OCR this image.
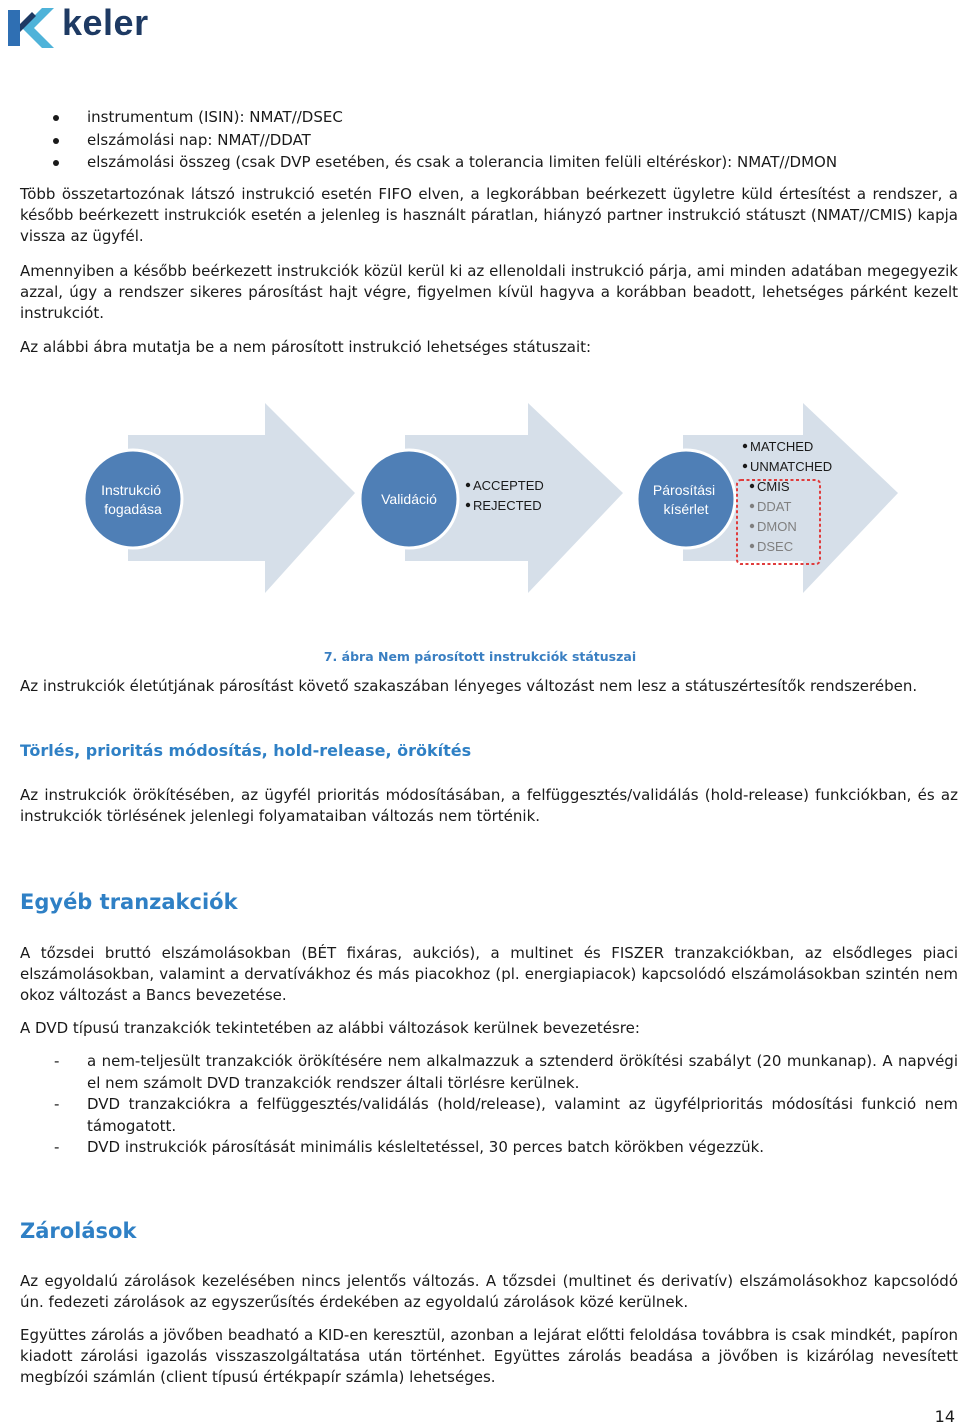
keler
instrumentum (ISIN): NMAT//DSEC
elszámolási nap: NMAT//DDAT
elszámolási összeg (csak DVP esetében, és csak a tolerancia limiten felüli eltéréskor): NMAT//DMON

Több összetartozónak látszó instrukció esetén FIFO elven, a legkorábban beérkezett ügyletre küld értesítést a rendszer, a később beérkezett instrukciók esetén a jelenleg is használt páratlan, hiányzó partner instrukció státuszt (NMAT//CMIS) kapja vissza az ügyfél.

Amennyiben a később beérkezett instrukciók közül kerül ki az ellenoldali instrukció párja, ami minden adatában megegyezik azzal, úgy a rendszer sikeres párosítást hajt végre, figyelmen kívül hagyva a korábban beadott, lehetséges párként kezelt instrukciót.

Az alábbi ábra mutatja be a nem párosított instrukció lehetséges státuszait:

Instrukció fogadása
Validáció
Párosítási kísérlet
ACCEPTED
REJECTED
MATCHED
UNMATCHED
CMIS
DDAT
DMON
DSEC
7. ábra Nem párosított instrukciók státuszai

Az instrukciók életútjának párosítást követő szakaszában lényeges változást nem lesz a státuszértesítők rendszerében.

Törlés, prioritás módosítás, hold-release, örökítés

Az instrukciók örökítésében, az ügyfél prioritás módosításában, a felfüggesztés/validálás (hold-release) funkciókban, és az instrukciók törlésének jelenlegi folyamataiban változás nem történik.

Egyéb tranzakciók

A tőzsdei bruttó elszámolásokban (BÉT fixáras, aukciós), a multinet és FISZER tranzakciókban, az elsődleges piaci elszámolásokban, valamint a dervatívákhoz és más piacokhoz (pl. energiapiacok) kapcsolódó elszámolásokban szintén nem okoz változást a Bancs bevezetése.

A DVD típusú tranzakciók tekintetében az alábbi változások kerülnek bevezetésre:

- a nem-teljesült tranzakciók örökítésére nem alkalmazzuk a sztenderd örökítési szabályt (20 munkanap). A napvégi el nem számolt DVD tranzakciók rendszer általi törlésre kerülnek.
- DVD tranzakciókra a felfüggesztés/validálás (hold/release), valamint az ügyfélprioritás módosítási funkció nem támogatott.
- DVD instrukciók párosítását minimális késleltetéssel, 30 perces batch körökben végezzük.
Zárolások

Az egyoldalú zárolások kezelésében nincs jelentős változás. A tőzsdei (multinet és derivatív) elszámolásokhoz kapcsolódó ún. fedezeti zárolások az egyszerűsítés érdekében az egyoldalú zárolások közé kerülnek.

Együttes zárolás a jövőben beadható a KID-en keresztül, azonban a lejárat előtti feloldása továbbra is csak mindkét, papíron kiadott zárolási igazolás visszaszolgáltatása után történhet. Együttes zárolás beadása a jövőben is kizárólag nevesített megbízói számlán (client típusú értékpapír számla) lehetséges.

14
